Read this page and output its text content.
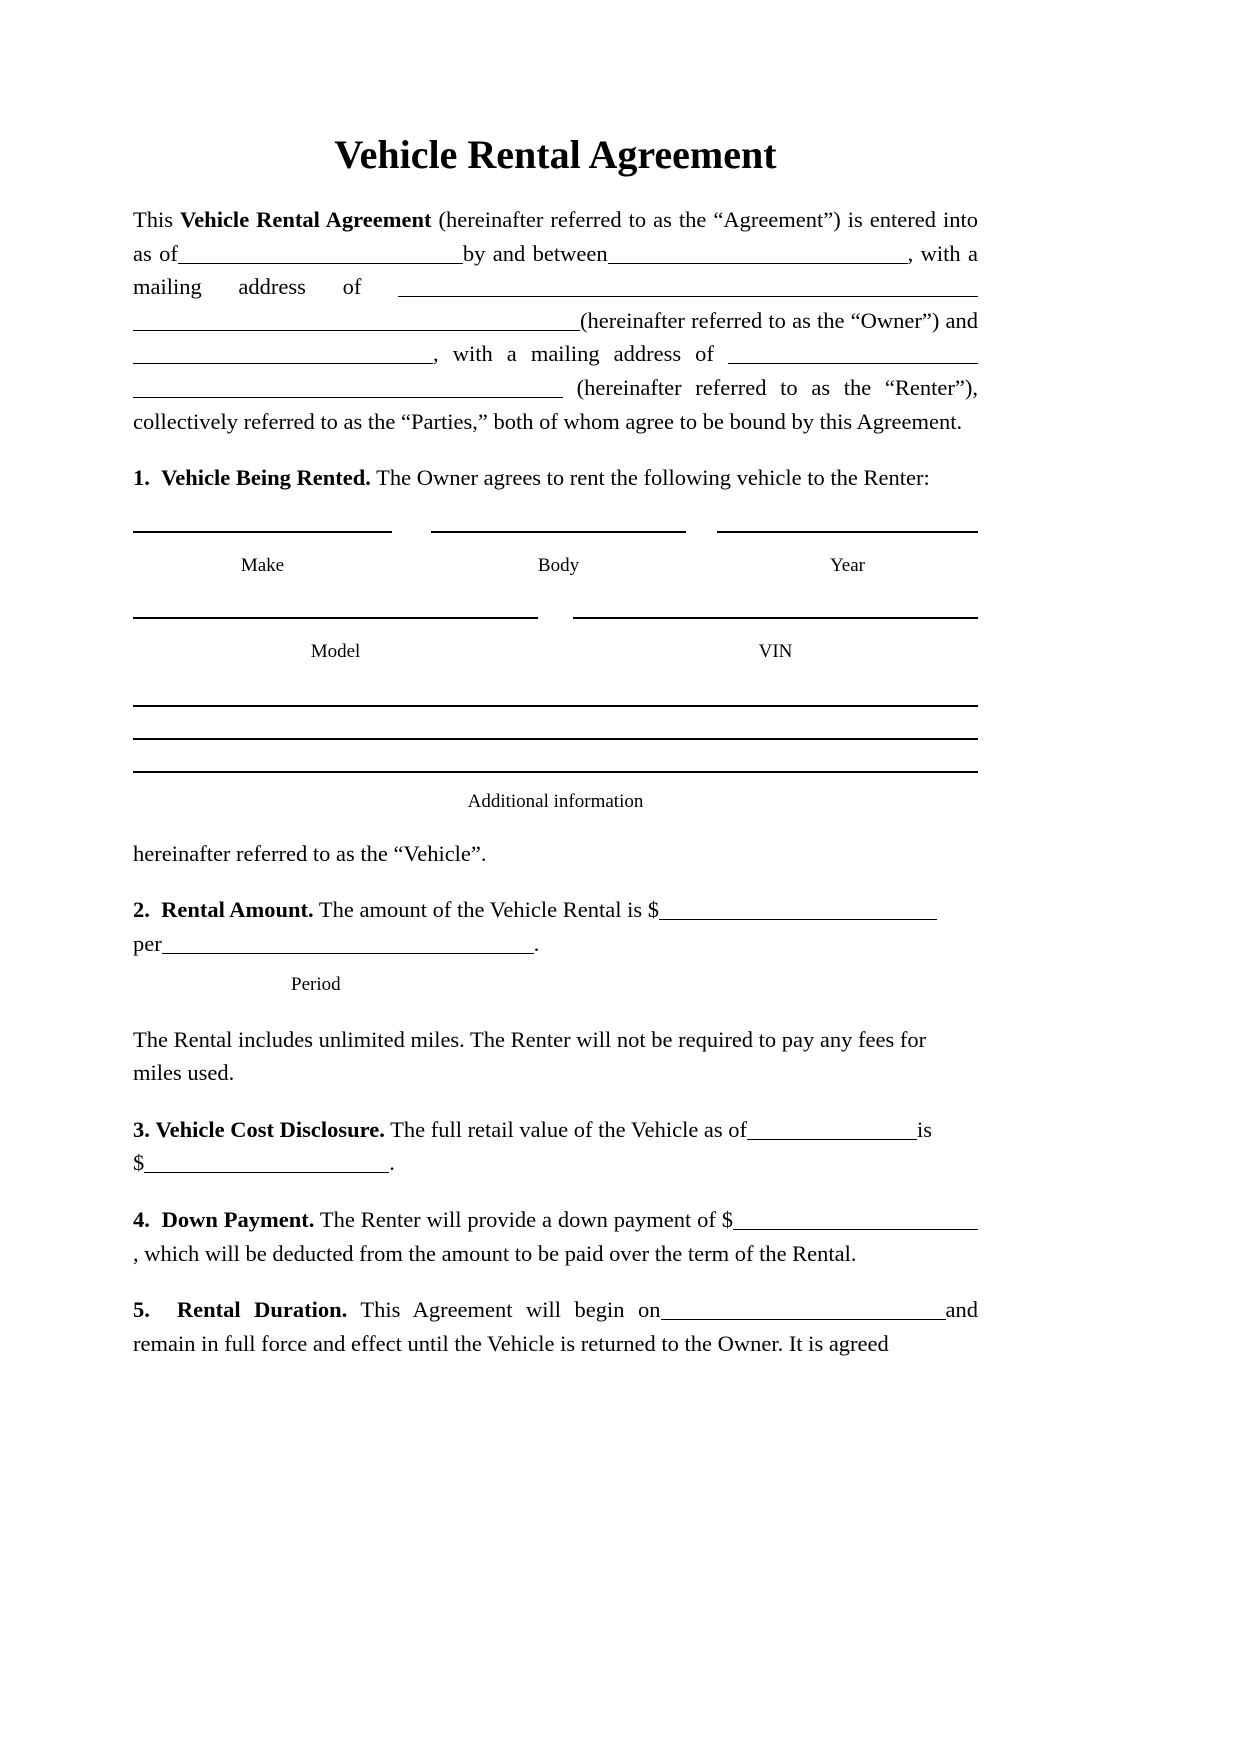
Vehicle Rental Agreement

This Vehicle Rental Agreement (hereinafter referred to as the “Agreement”) is entered into as of	by and between	, with a mailing address of (hereinafter referred to as the “Owner”) and, with a mailing address of  (hereinafter referred to as the “Renter”), collectively referred to as the “Parties,” both of whom agree to be bound by this Agreement.

1. Vehicle Being Rented. The Owner agrees to rent the following vehicle to the Renter:

Make	Body	Year
Model	VIN
Additional information

hereinafter referred to as the “Vehicle”.

2. Rental Amount. The amount of the Vehicle Rental is $
per	.

Period

The Rental includes unlimited miles. The Renter will not be required to pay any fees for miles used.

3. Vehicle Cost Disclosure. The full retail value of the Vehicle as of	is
$	.

4. Down Payment. The Renter will provide a down payment of $, which will be deducted from the amount to be paid over the term of the Rental.

5. Rental Duration. This Agreement will begin on	and remain in full force and effect until the Vehicle is returned to the Owner. It is agreed
